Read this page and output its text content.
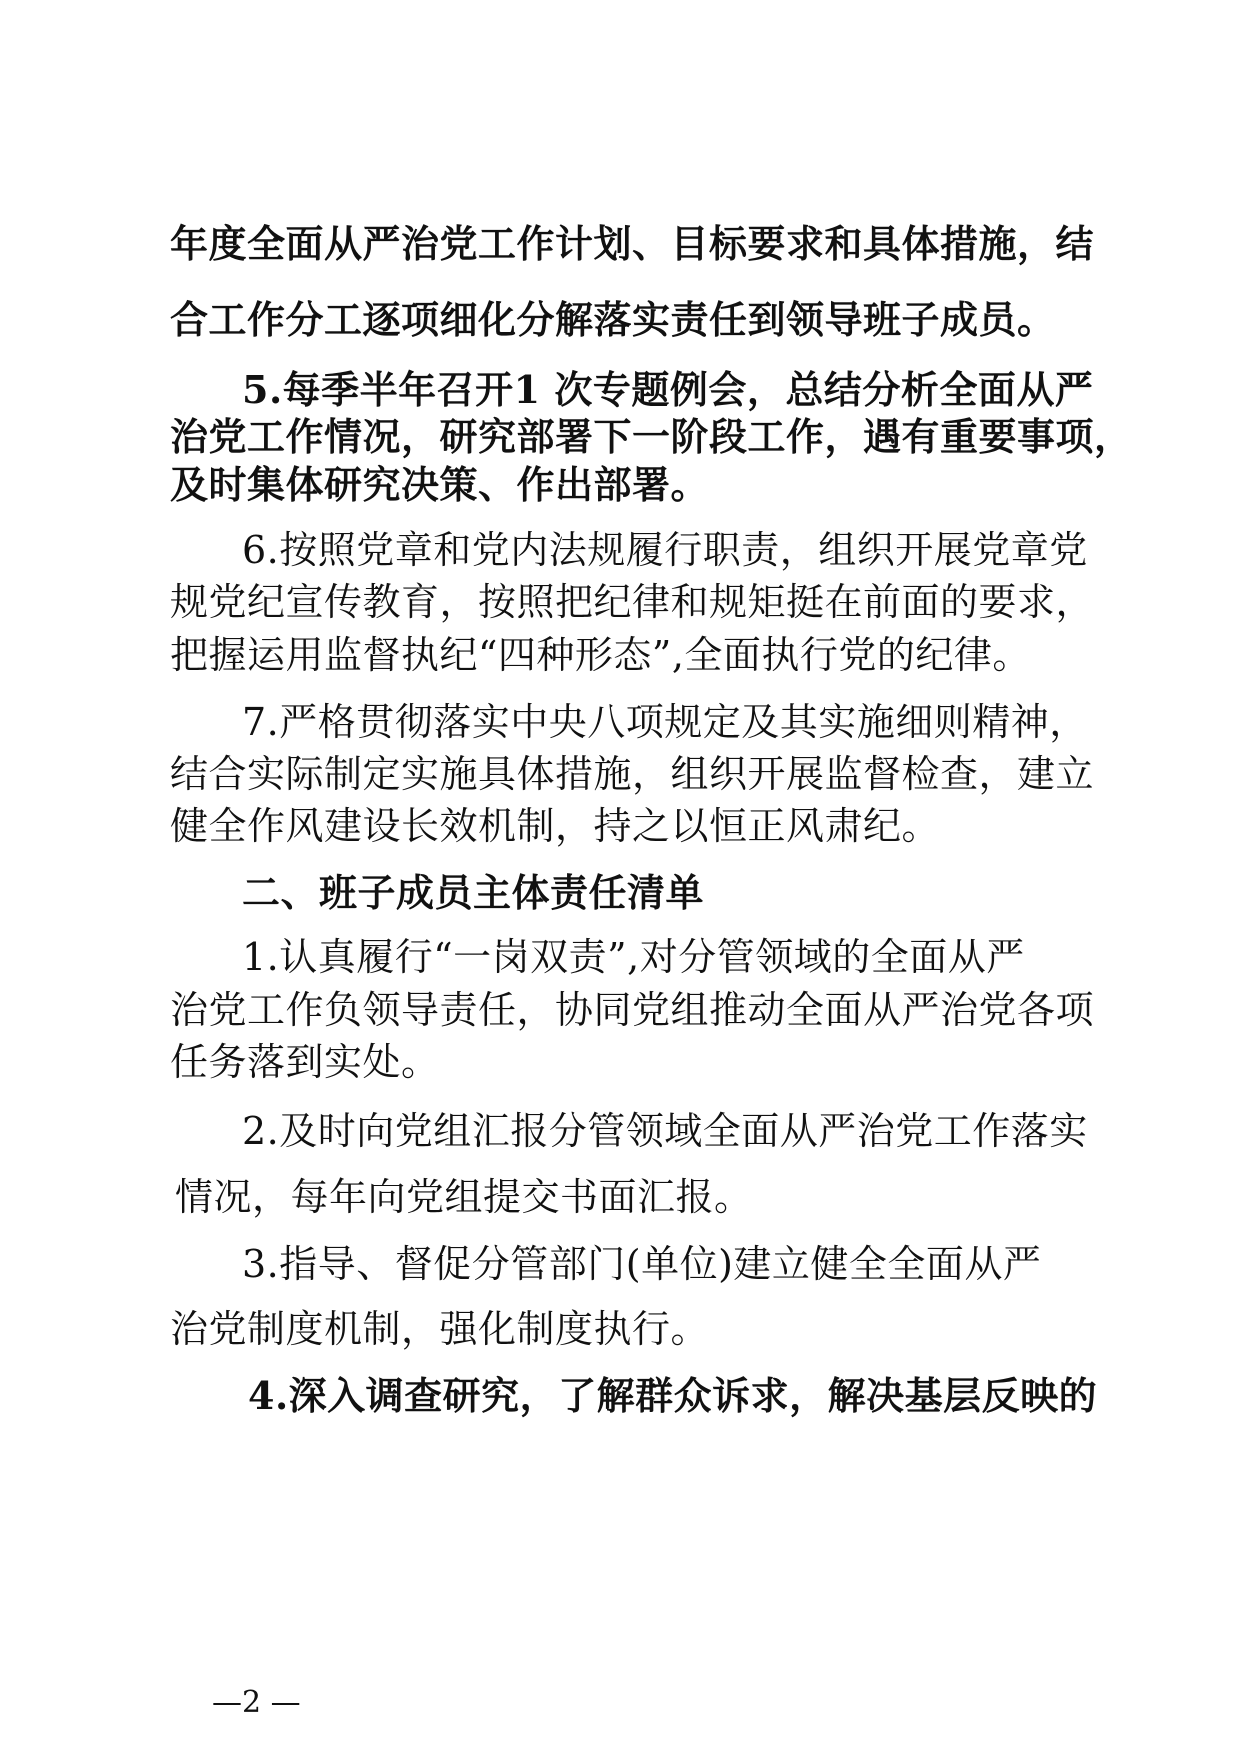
年度全面从严治党工作计划、目标要求和具体措施，结
合工作分工逐项细化分解落实责任到领导班子成员。
5.每季半年召开1 次专题例会，总结分析全面从严
治党工作情况，研究部署下一阶段工作，遇有重要事项，
及时集体研究决策、作出部署。
6.按照党章和党内法规履行职责，组织开展党章党
规党纪宣传教育，按照把纪律和规矩挺在前面的要求，
把握运用监督执纪“四种形态”,全面执行党的纪律。
7.严格贯彻落实中央八项规定及其实施细则精神，
结合实际制定实施具体措施，组织开展监督检查，建立
健全作风建设长效机制，持之以恒正风肃纪。
二、班子成员主体责任清单
1.认真履行“一岗双责”,对分管领域的全面从严
治党工作负领导责任，协同党组推动全面从严治党各项
任务落到实处。
2.及时向党组汇报分管领域全面从严治党工作落实
情况，每年向党组提交书面汇报。
3.指导、督促分管部门(单位)建立健全全面从严
治党制度机制，强化制度执行。
4.深入调查研究，了解群众诉求，解决基层反映的
—2 —
